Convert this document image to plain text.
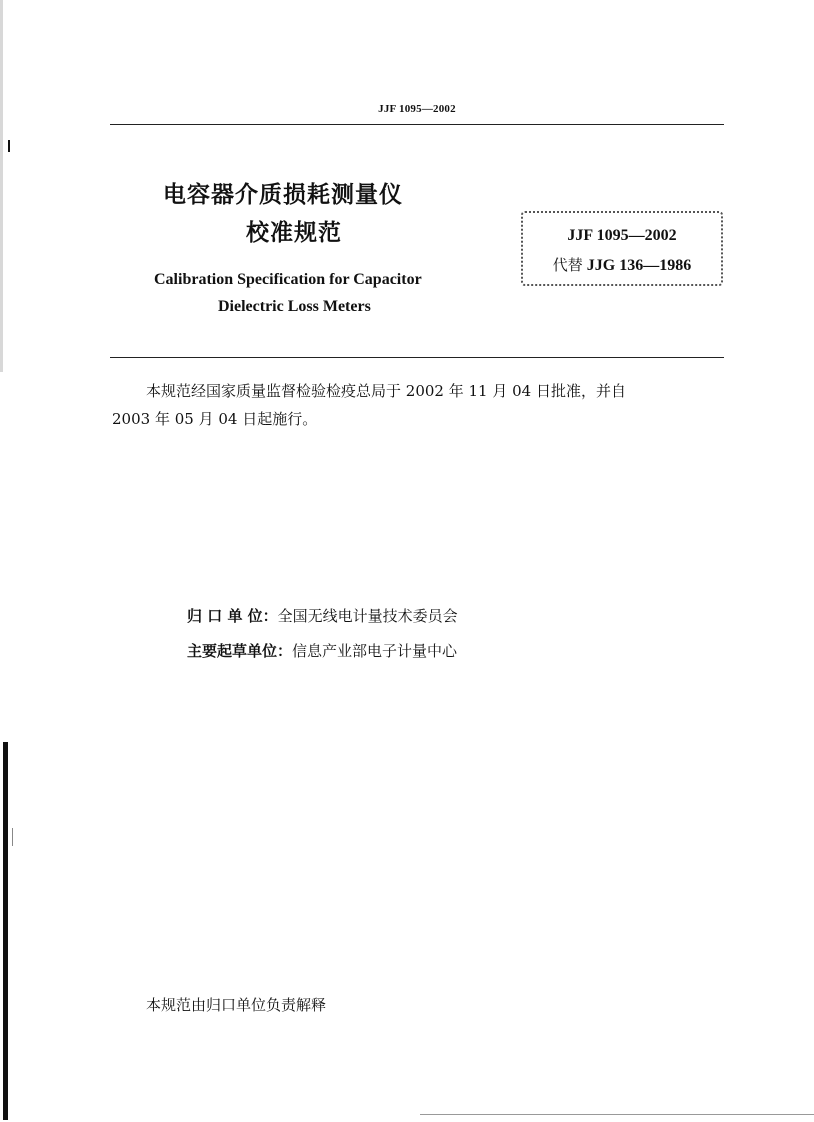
JJF 1095—2002
电容器介质损耗测量仪
校准规范
Calibration Specification for Capacitor
Dielectric Loss Meters
JJF 1095—2002
代替 JJG 136—1986
本规范经国家质量监督检验检疫总局于 2002 年 11 月 04 日批准，并自
2003 年 05 月 04 日起施行。
归 口 单 位：全国无线电计量技术委员会
主要起草单位：信息产业部电子计量中心
本规范由归口单位负责解释
